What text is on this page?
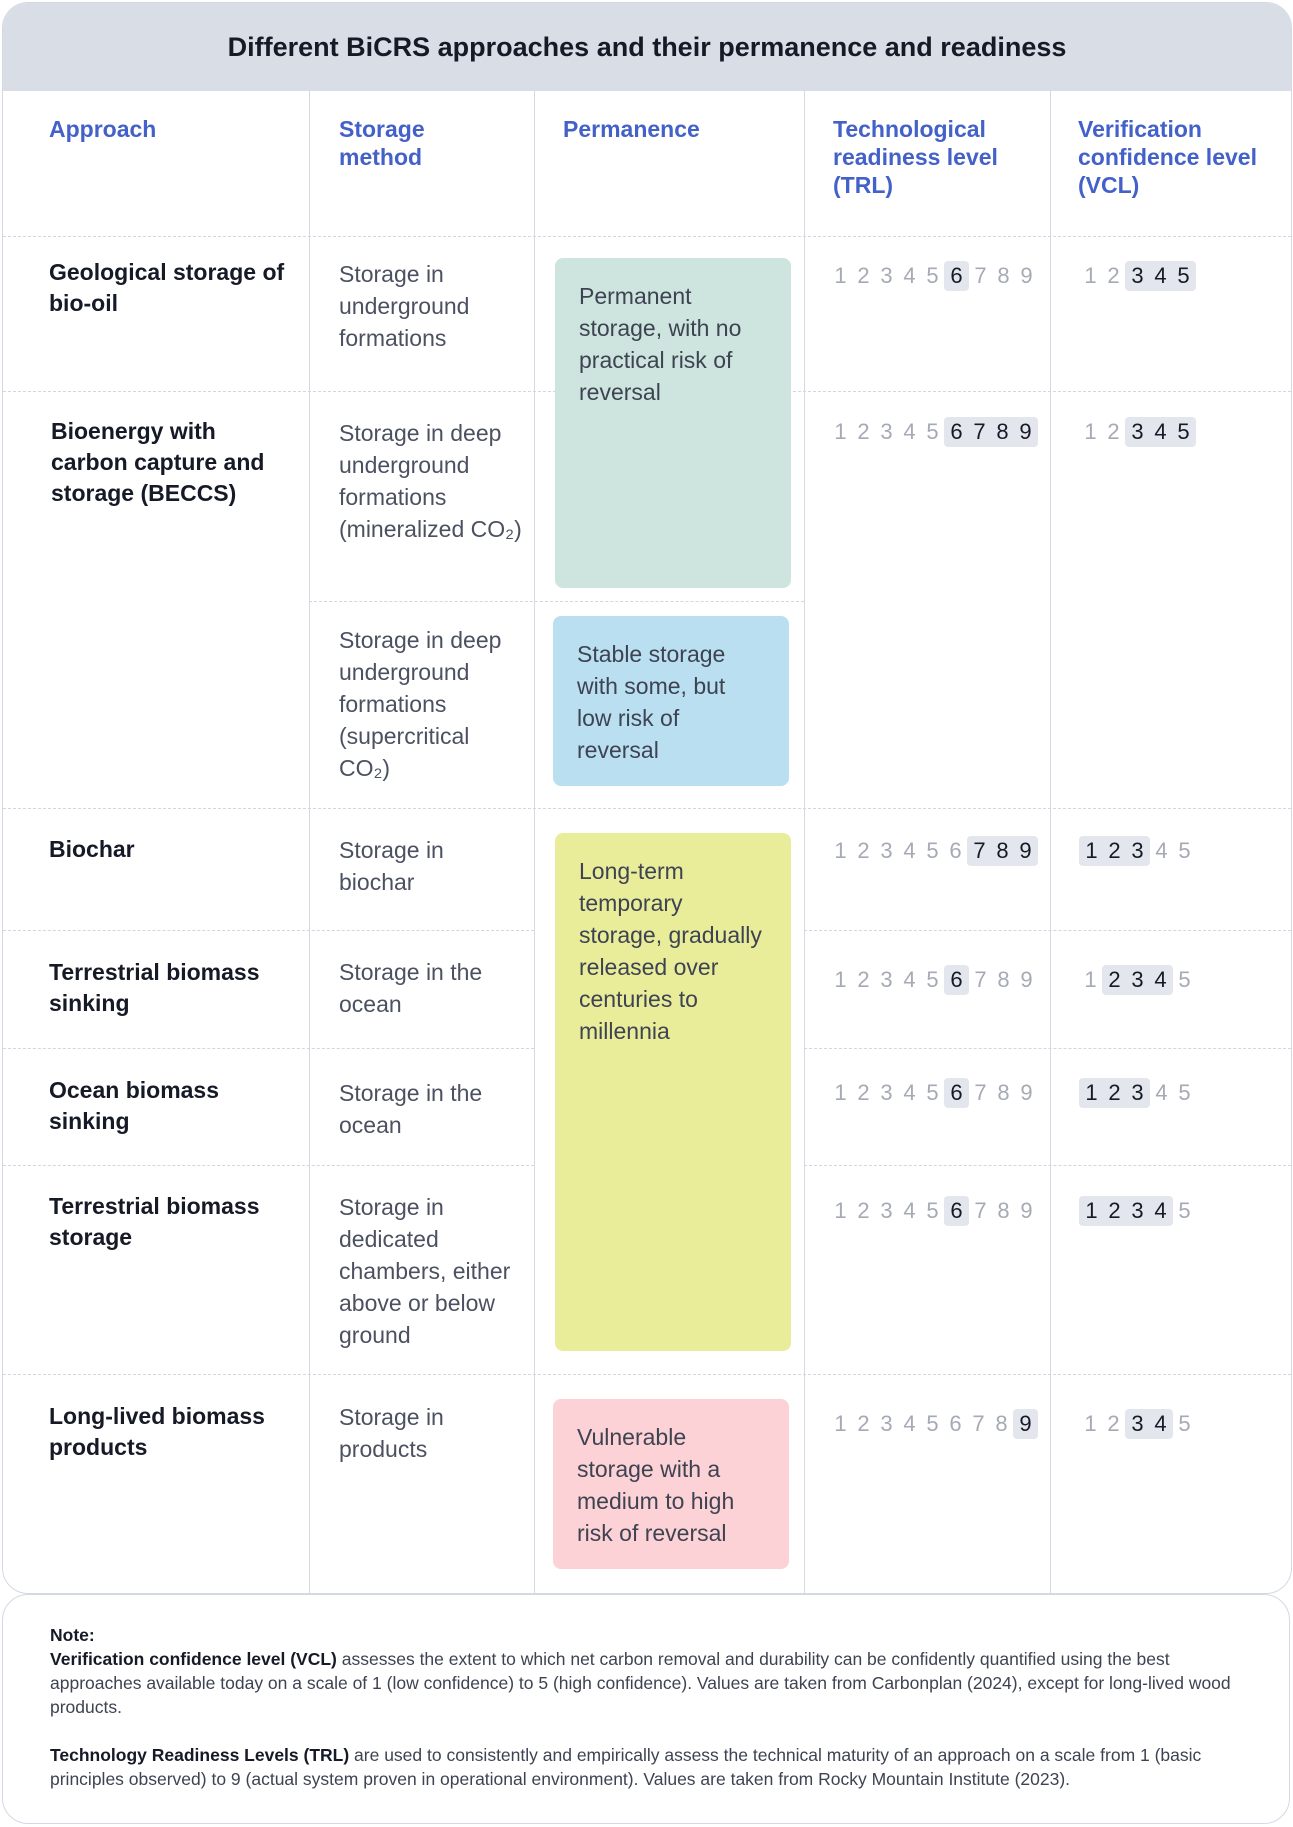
Different BiCRS approaches and their permanence and readiness
Approach	Storage method
Permanence	Technological readiness level (TRL)
Verification confidence level (VCL)
Geological storage of bio-oil
Bioenergy with carbon capture and storage (BECCS)
Biochar
Terrestrial biomass sinking
Ocean biomass sinking
Terrestrial biomass storage
Long-lived biomass products
Storage in underground formations
Storage in deep underground formations (mineralized CO₂)
Storage in deep underground formations (supercritical CO₂)
Storage in biochar
Storage in the ocean
Storage in the ocean
Storage in dedicated chambers, either above or below ground
Storage in products
Permanent storage, with no practical risk of reversal
Stable storage with some, but low risk of reversal
Long-term temporary storage, gradually released over centuries to millennia
Vulnerable storage with a medium to high risk of reversal
1 2 3 4 5 6 7 8 9 1 2 3 4 5
1 2 3 4 5 6 7 8 9 1 2 3 4 5
1 2 3 4 5 6 7 8 9 1 2 3 4 5
1 2 3 4 5 6 7 8 9 1 2 3 4 5
1 2 3 4 5 6 7 8 9 1 2 3 4 5
1 2 3 4 5 6 7 8 9 1 2 3 4 5
1 2 3 4 5 6 7 8 9 1 2 3 4 5
Note:
Verification confidence level (VCL) assesses the extent to which net carbon removal and durability can be confidently quantified using the best approaches available today on a scale of 1 (low confidence) to 5 (high confidence). Values are taken from Carbonplan (2024), except for long-lived wood products.
Technology Readiness Levels (TRL) are used to consistently and empirically assess the technical maturity of an approach on a scale from 1 (basic principles observed) to 9 (actual system proven in operational environment). Values are taken from Rocky Mountain Institute (2023).
